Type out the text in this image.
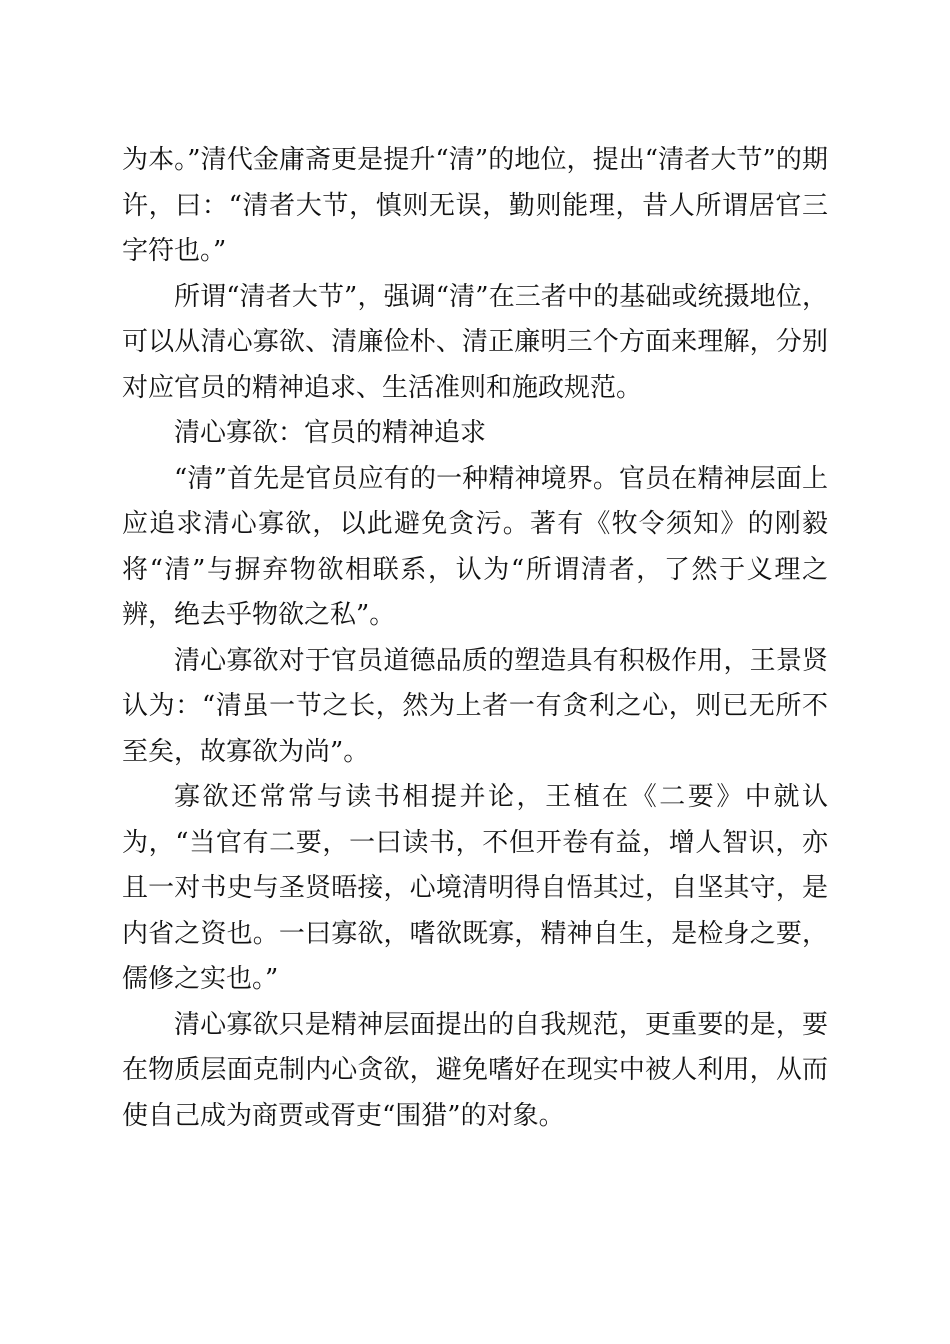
为本。”清代金庸斋更是提升“清”的地位，提出“清者大节”的期许，曰：“清者大节，慎则无误，勤则能理，昔人所谓居官三字符也。”

所谓“清者大节”，强调“清”在三者中的基础或统摄地位，可以从清心寡欲、清廉俭朴、清正廉明三个方面来理解，分别对应官员的精神追求、生活准则和施政规范。

清心寡欲：官员的精神追求

“清”首先是官员应有的一种精神境界。官员在精神层面上应追求清心寡欲，以此避免贪污。著有《牧令须知》的刚毅将“清”与摒弃物欲相联系，认为“所谓清者，了然于义理之辨，绝去乎物欲之私”。

清心寡欲对于官员道德品质的塑造具有积极作用，王景贤认为：“清虽一节之长，然为上者一有贪利之心，则已无所不至矣，故寡欲为尚”。

寡欲还常常与读书相提并论，王植在《二要》中就认为，“当官有二要，一曰读书，不但开卷有益，增人智识，亦且一对书史与圣贤晤接，心境清明得自悟其过，自坚其守，是内省之资也。一曰寡欲，嗜欲既寡，精神自生，是检身之要，儒修之实也。”

清心寡欲只是精神层面提出的自我规范，更重要的是，要在物质层面克制内心贪欲，避免嗜好在现实中被人利用，从而使自己成为商贾或胥吏“围猎”的对象。
